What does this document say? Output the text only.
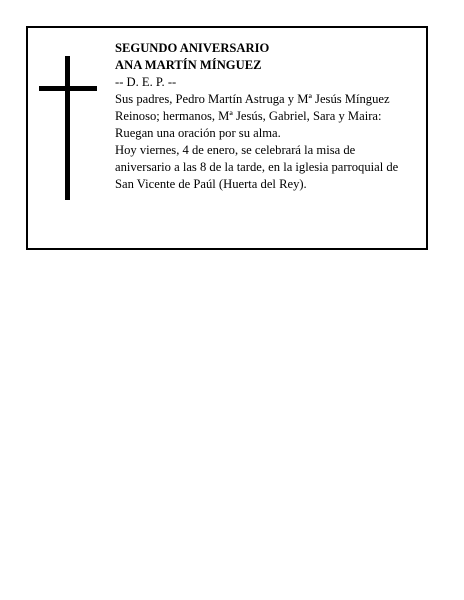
SEGUNDO ANIVERSARIO
ANA MARTÍN MÍNGUEZ
-- D. E. P. --
Sus padres, Pedro Martín Astruga y Mª Jesús Mínguez
Reinoso; hermanos, Mª Jesús, Gabriel, Sara y Maira:
Ruegan una oración por su alma.
Hoy viernes, 4 de enero, se celebrará la misa de
aniversario a las 8 de la tarde, en la iglesia parroquial de
San Vicente de Paúl (Huerta del Rey).
